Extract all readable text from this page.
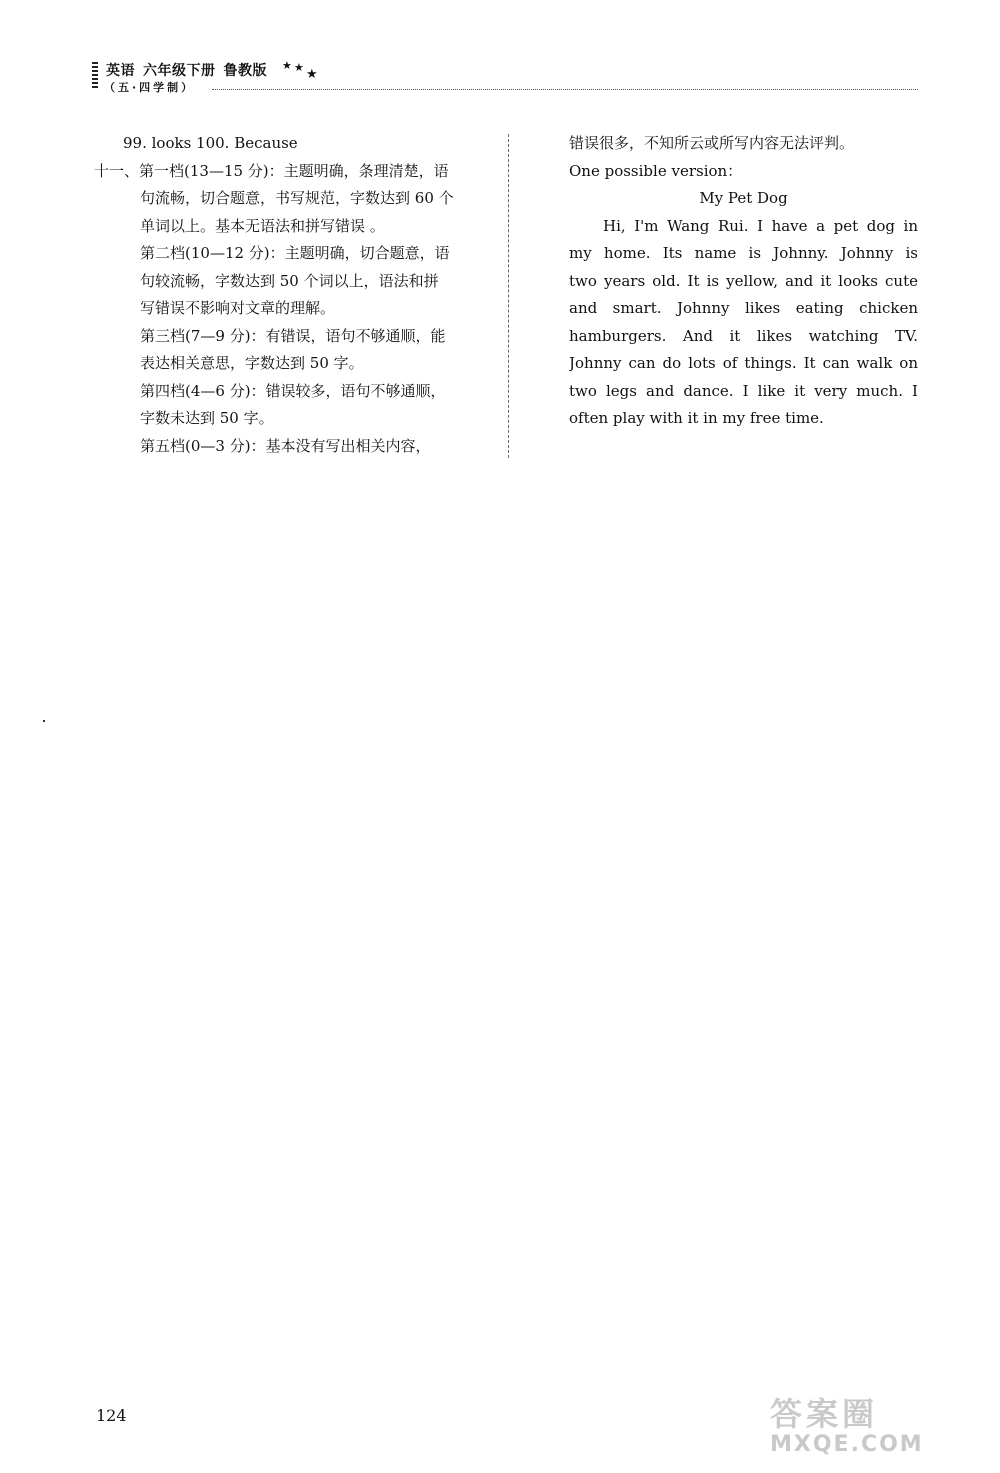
英语 六年级下册 鲁教版 ★ ★ ★
（五·四学制）
99. looks 100. Because
十一、第一档(13—15 分)：主题明确，条理清楚，语
句流畅，切合题意，书写规范，字数达到 60 个
单词以上。基本无语法和拼写错误 。
第二档(10—12 分)：主题明确，切合题意，语
句较流畅，字数达到 50 个词以上，语法和拼
写错误不影响对文章的理解。
第三档(7—9 分)：有错误，语句不够通顺，能
表达相关意思，字数达到 50 字。
第四档(4—6 分)：错误较多，语句不够通顺，
字数未达到 50 字。
第五档(0—3 分)：基本没有写出相关内容，
错误很多，不知所云或所写内容无法评判。
One possible version：
My Pet Dog
Hi, I'm Wang Rui. I have a pet dog in
my home. Its name is Johnny. Johnny is
two years old. It is yellow, and it looks cute
and smart. Johnny likes eating chicken
hamburgers. And it likes watching TV.
Johnny can do lots of things. It can walk on
two legs and dance. I like it very much. I
often play with it in my free time.
124	答案圈
MXQE.COM
